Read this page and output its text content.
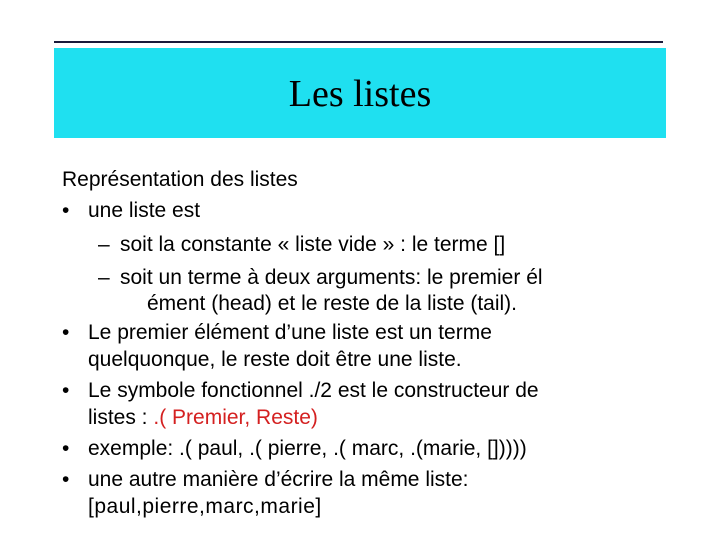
Les listes
Représentation des listes
• une liste est
– soit la constante « liste vide » : le terme []
– soit un terme à deux arguments: le premier él
ément (head) et le reste de la liste (tail).
• Le premier élément d’une liste est un terme
quelquonque, le reste doit être une liste.
• Le symbole fonctionnel ./2 est le constructeur de
listes : .( Premier, Reste)
• exemple: .( paul, .( pierre, .( marc, .(marie, []))))
• une autre manière d’écrire la même liste:
[paul,pierre,marc,marie]
